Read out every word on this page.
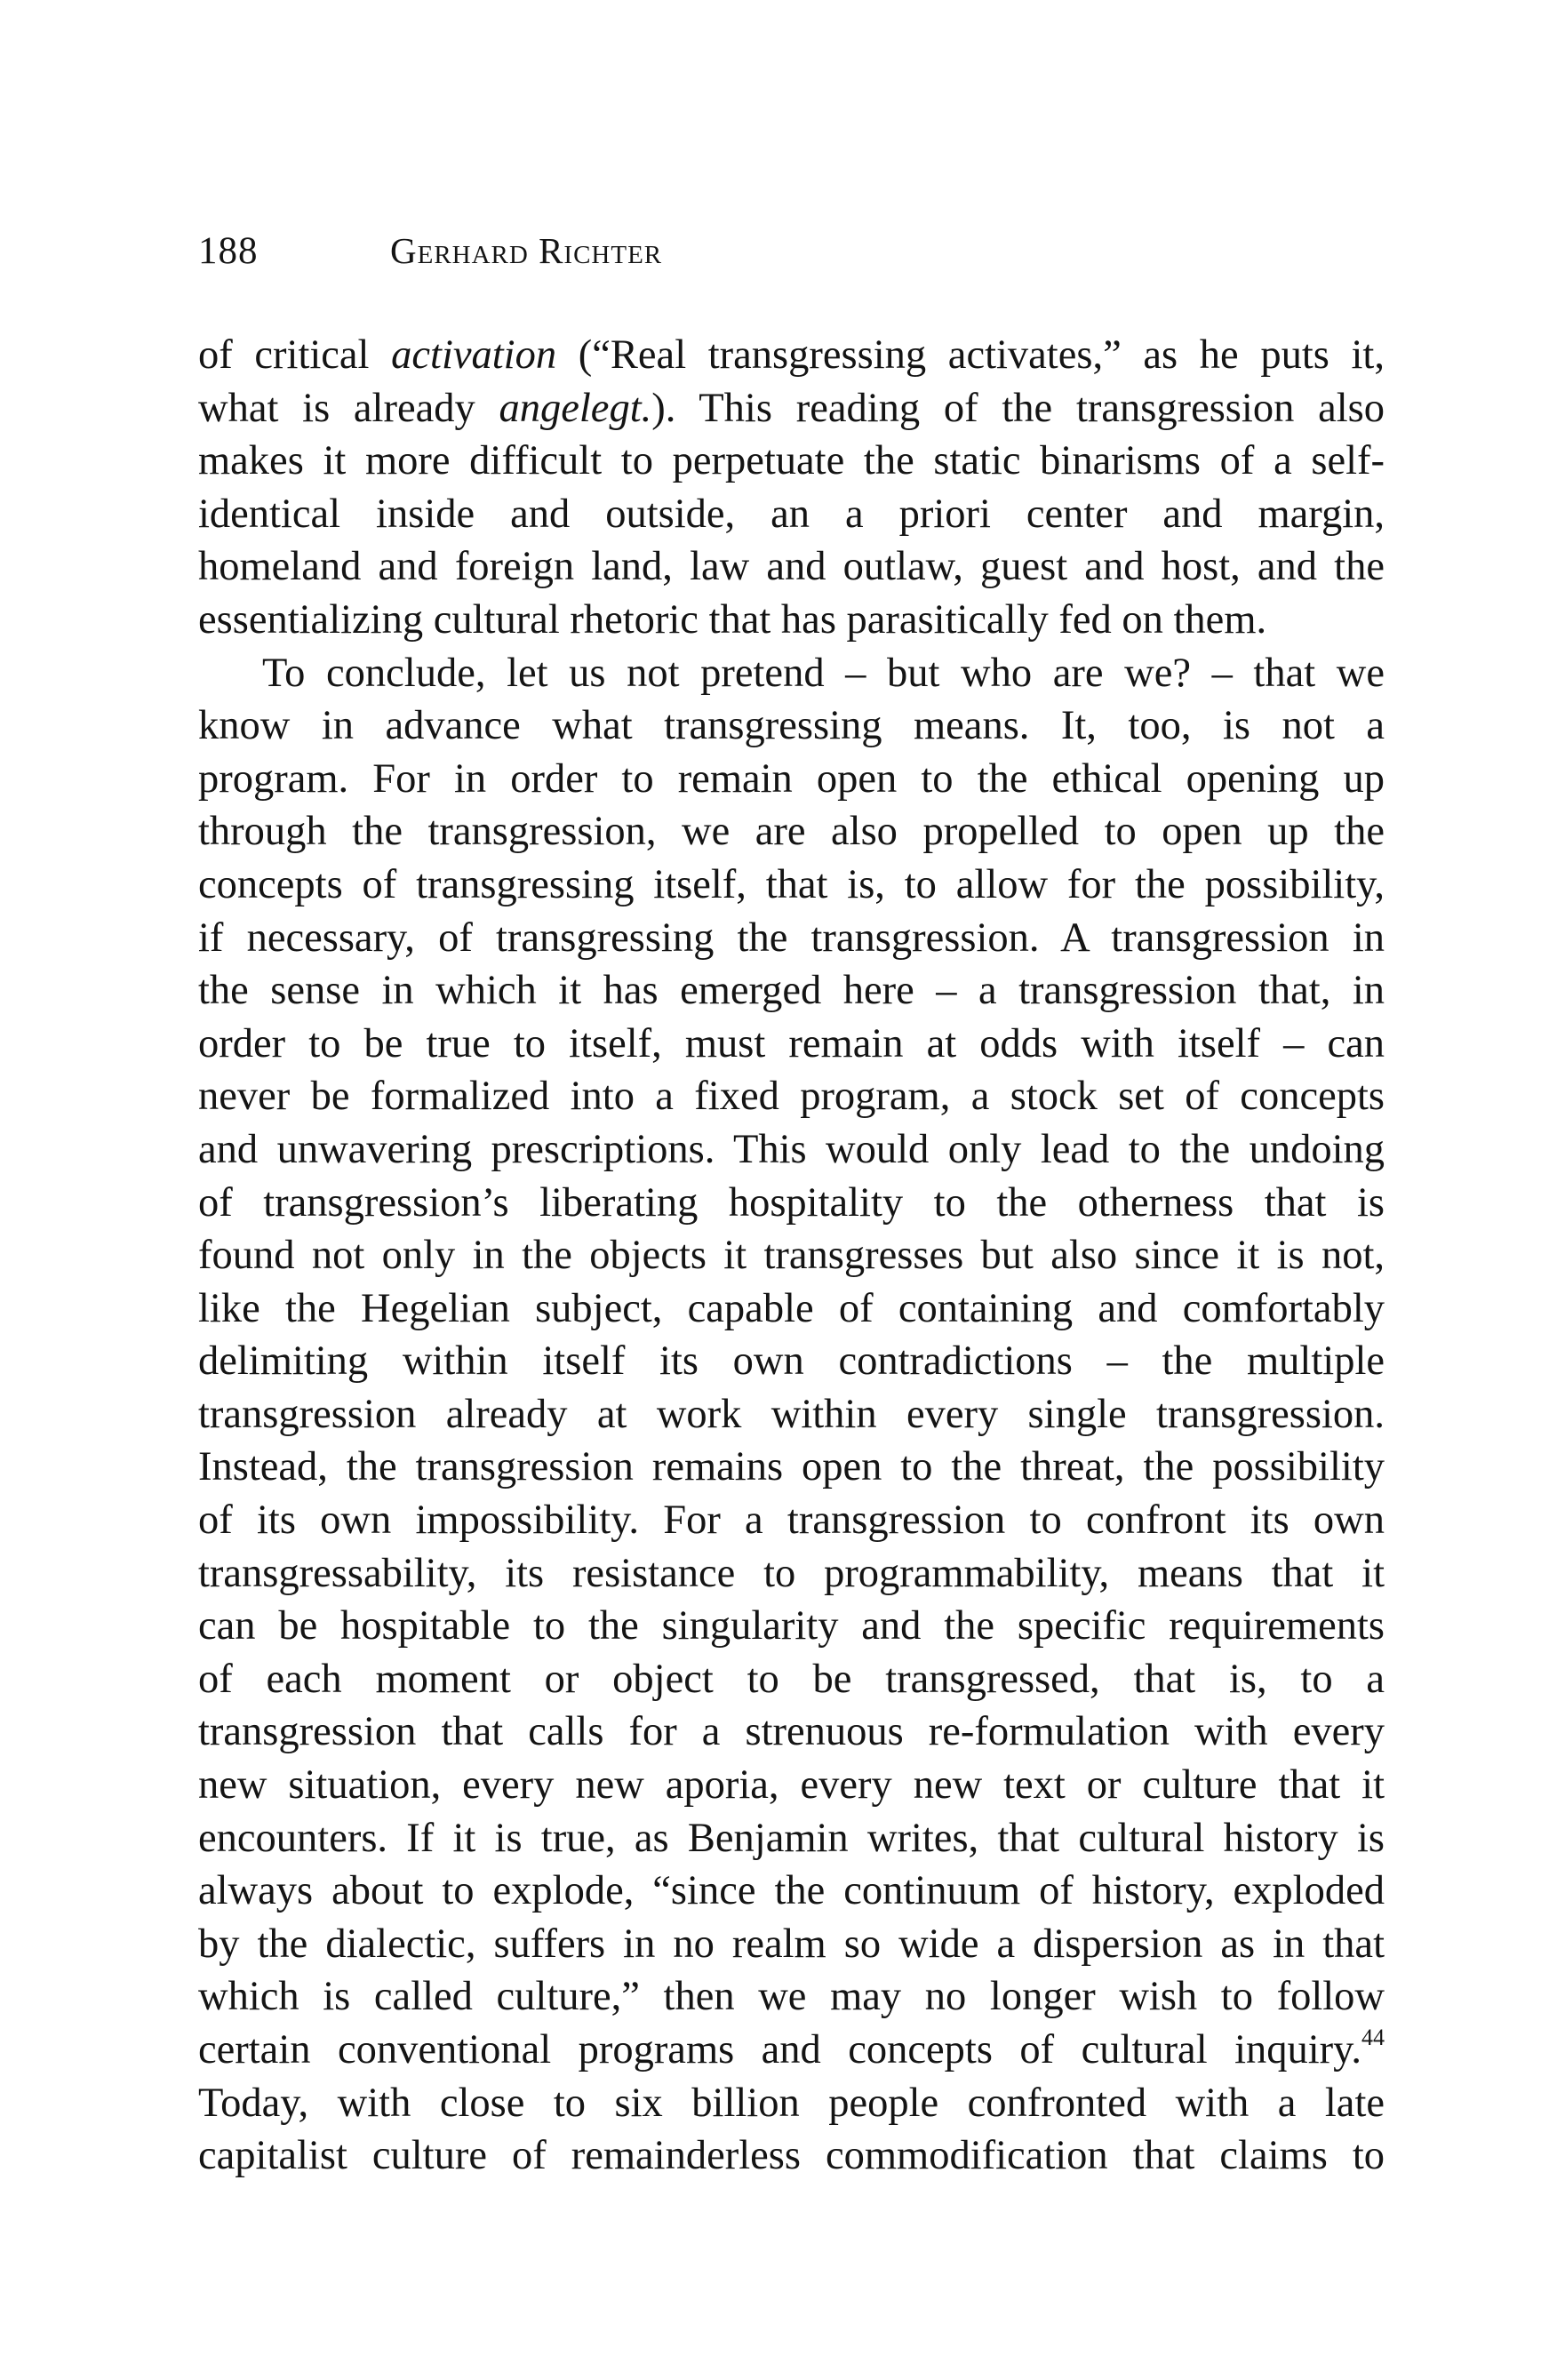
188	Gerhard Richter
of critical activation (“Real transgressing activates,” as he puts it,
what is already angelegt.). This reading of the transgression also
makes it more difficult to perpetuate the static binarisms of a self-
identical inside and outside, an a priori center and margin,
homeland and foreign land, law and outlaw, guest and host, and the
essentializing cultural rhetoric that has parasitically fed on them.
To conclude, let us not pretend – but who are we? – that we
know in advance what transgressing means. It, too, is not a
program. For in order to remain open to the ethical opening up
through the transgression, we are also propelled to open up the
concepts of transgressing itself, that is, to allow for the possibility,
if necessary, of transgressing the transgression. A transgression in
the sense in which it has emerged here – a transgression that, in
order to be true to itself, must remain at odds with itself – can
never be formalized into a fixed program, a stock set of concepts
and unwavering prescriptions. This would only lead to the undoing
of transgression’s liberating hospitality to the otherness that is
found not only in the objects it transgresses but also since it is not,
like the Hegelian subject, capable of containing and comfortably
delimiting within itself its own contradictions – the multiple
transgression already at work within every single transgression.
Instead, the transgression remains open to the threat, the possibility
of its own impossibility. For a transgression to confront its own
transgressability, its resistance to programmability, means that it
can be hospitable to the singularity and the specific requirements
of each moment or object to be transgressed, that is, to a
transgression that calls for a strenuous re-formulation with every
new situation, every new aporia, every new text or culture that it
encounters. If it is true, as Benjamin writes, that cultural history is
always about to explode, “since the continuum of history, exploded
by the dialectic, suffers in no realm so wide a dispersion as in that
which is called culture,” then we may no longer wish to follow
certain conventional programs and concepts of cultural inquiry.$^{44}$
Today, with close to six billion people confronted with a late
capitalist culture of remainderless commodification that claims to
